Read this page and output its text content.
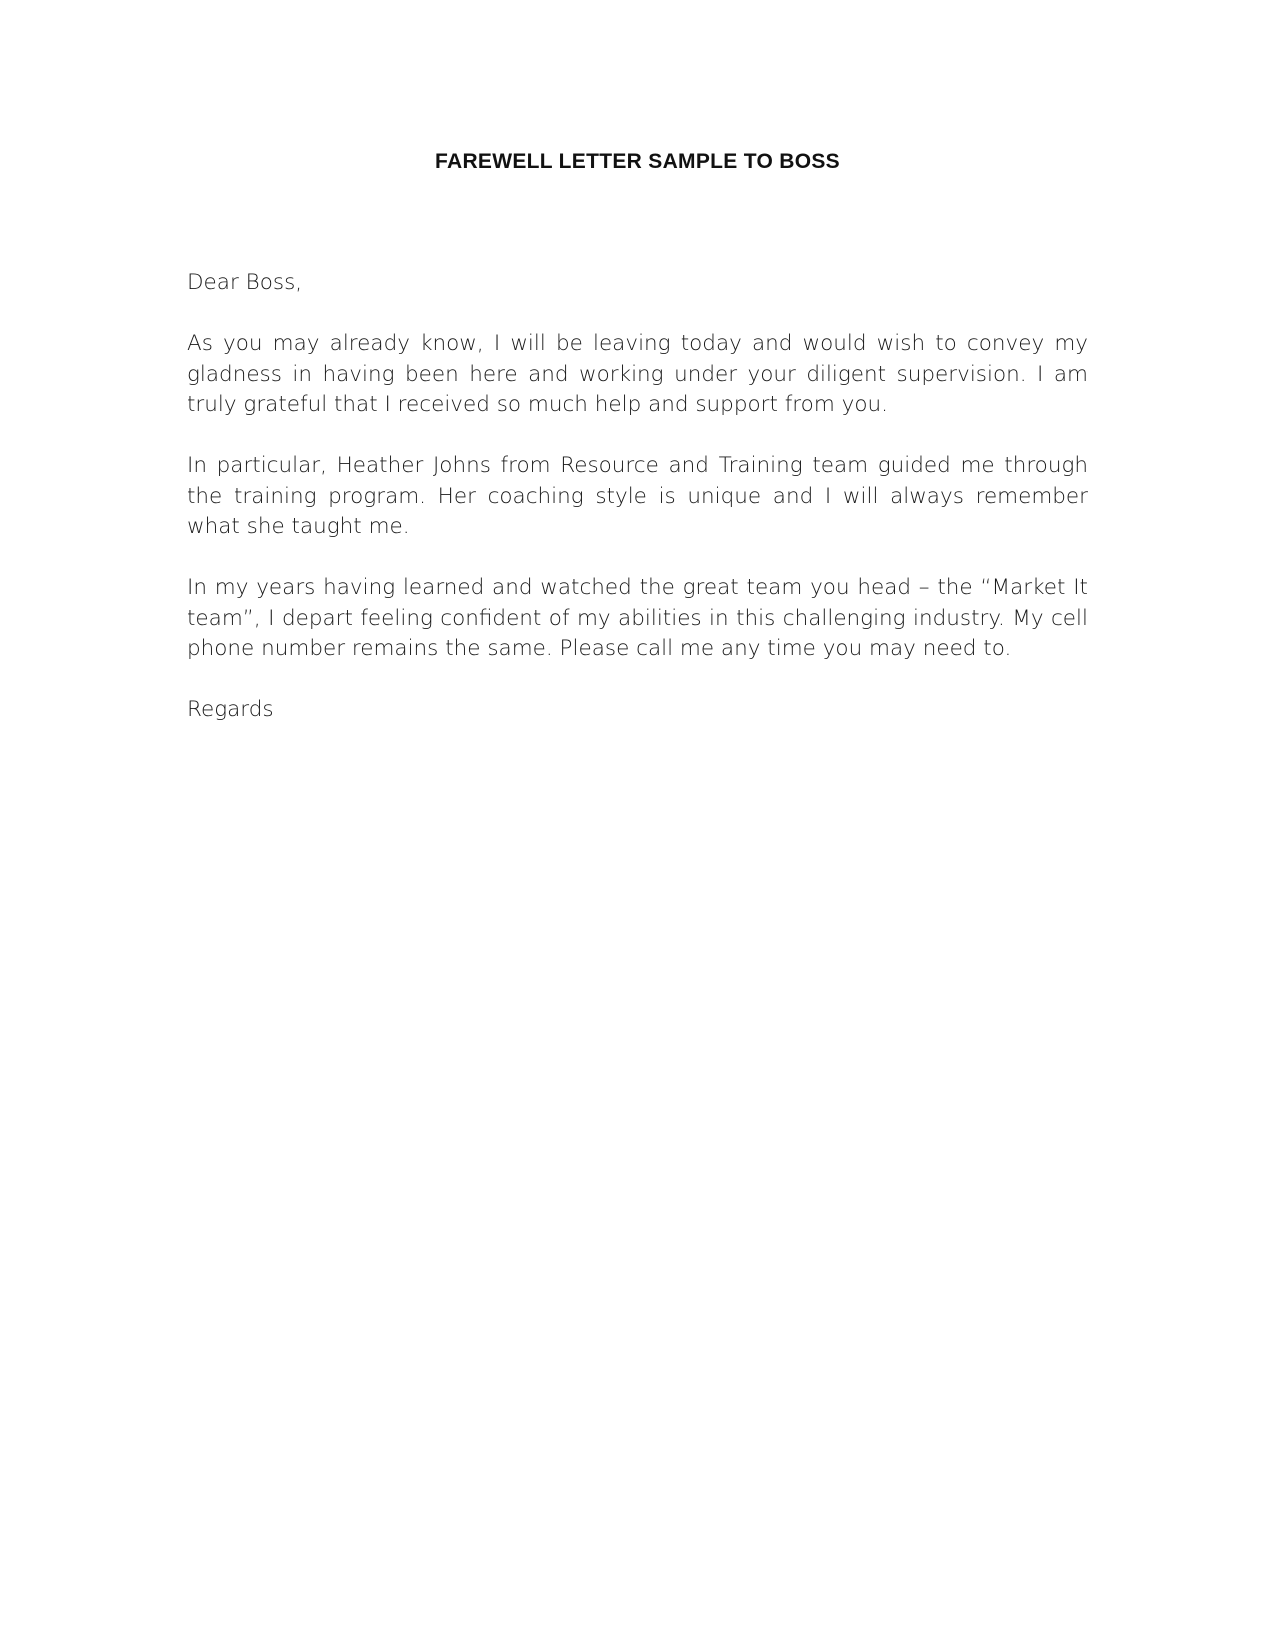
FAREWELL LETTER SAMPLE TO BOSS

Dear Boss,

As you may already know, I will be leaving today and would wish to convey my gladness in having been here and working under your diligent supervision. I am truly grateful that I received so much help and support from you.

In particular, Heather Johns from Resource and Training team guided me through the training program. Her coaching style is unique and I will always remember what she taught me.

In my years having learned and watched the great team you head – the “Market It team”, I depart feeling confident of my abilities in this challenging industry. My cell phone number remains the same. Please call me any time you may need to.

Regards
